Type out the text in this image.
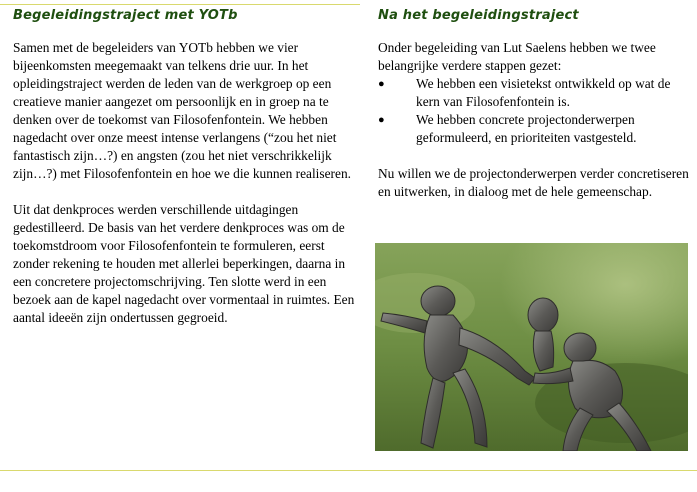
Begeleidingstraject met YOTb

Samen met de begeleiders van YOTb hebben we vier bijeenkomsten meegemaakt van telkens drie uur. In het opleidingstraject werden de leden van de werkgroep op een creatieve manier aangezet om persoonlijk en in groep na te denken over de toekomst van Filosofenfontein. We hebben nagedacht over onze meest intense verlangens (“zou het niet fantastisch zijn…?) en angsten (zou het niet verschrikkelijk zijn…?) met Filosofenfontein en hoe we die kunnen realiseren.

Uit dat denkproces werden verschillende uitdagingen gedestilleerd. De basis van het verdere denkproces was om de toekomstdroom voor Filosofenfontein te formuleren, eerst zonder rekening te houden met allerlei beperkingen, daarna in een concretere projectomschrijving. Ten slotte werd in een bezoek aan de kapel nagedacht over vormentaal in ruimtes. Een aantal ideeën zijn ondertussen gegroeid.

Na het begeleidingstraject

Onder begeleiding van Lut Saelens hebben we twee belangrijke verdere stappen gezet:

● We hebben een visietekst ontwikkeld op wat de kern van Filosofenfontein is.
● We hebben concrete projectonderwerpen geformuleerd, en prioriteiten vastgesteld.

Nu willen we de projectonderwerpen verder concretiseren en uitwerken, in dialoog met de hele gemeenschap.
